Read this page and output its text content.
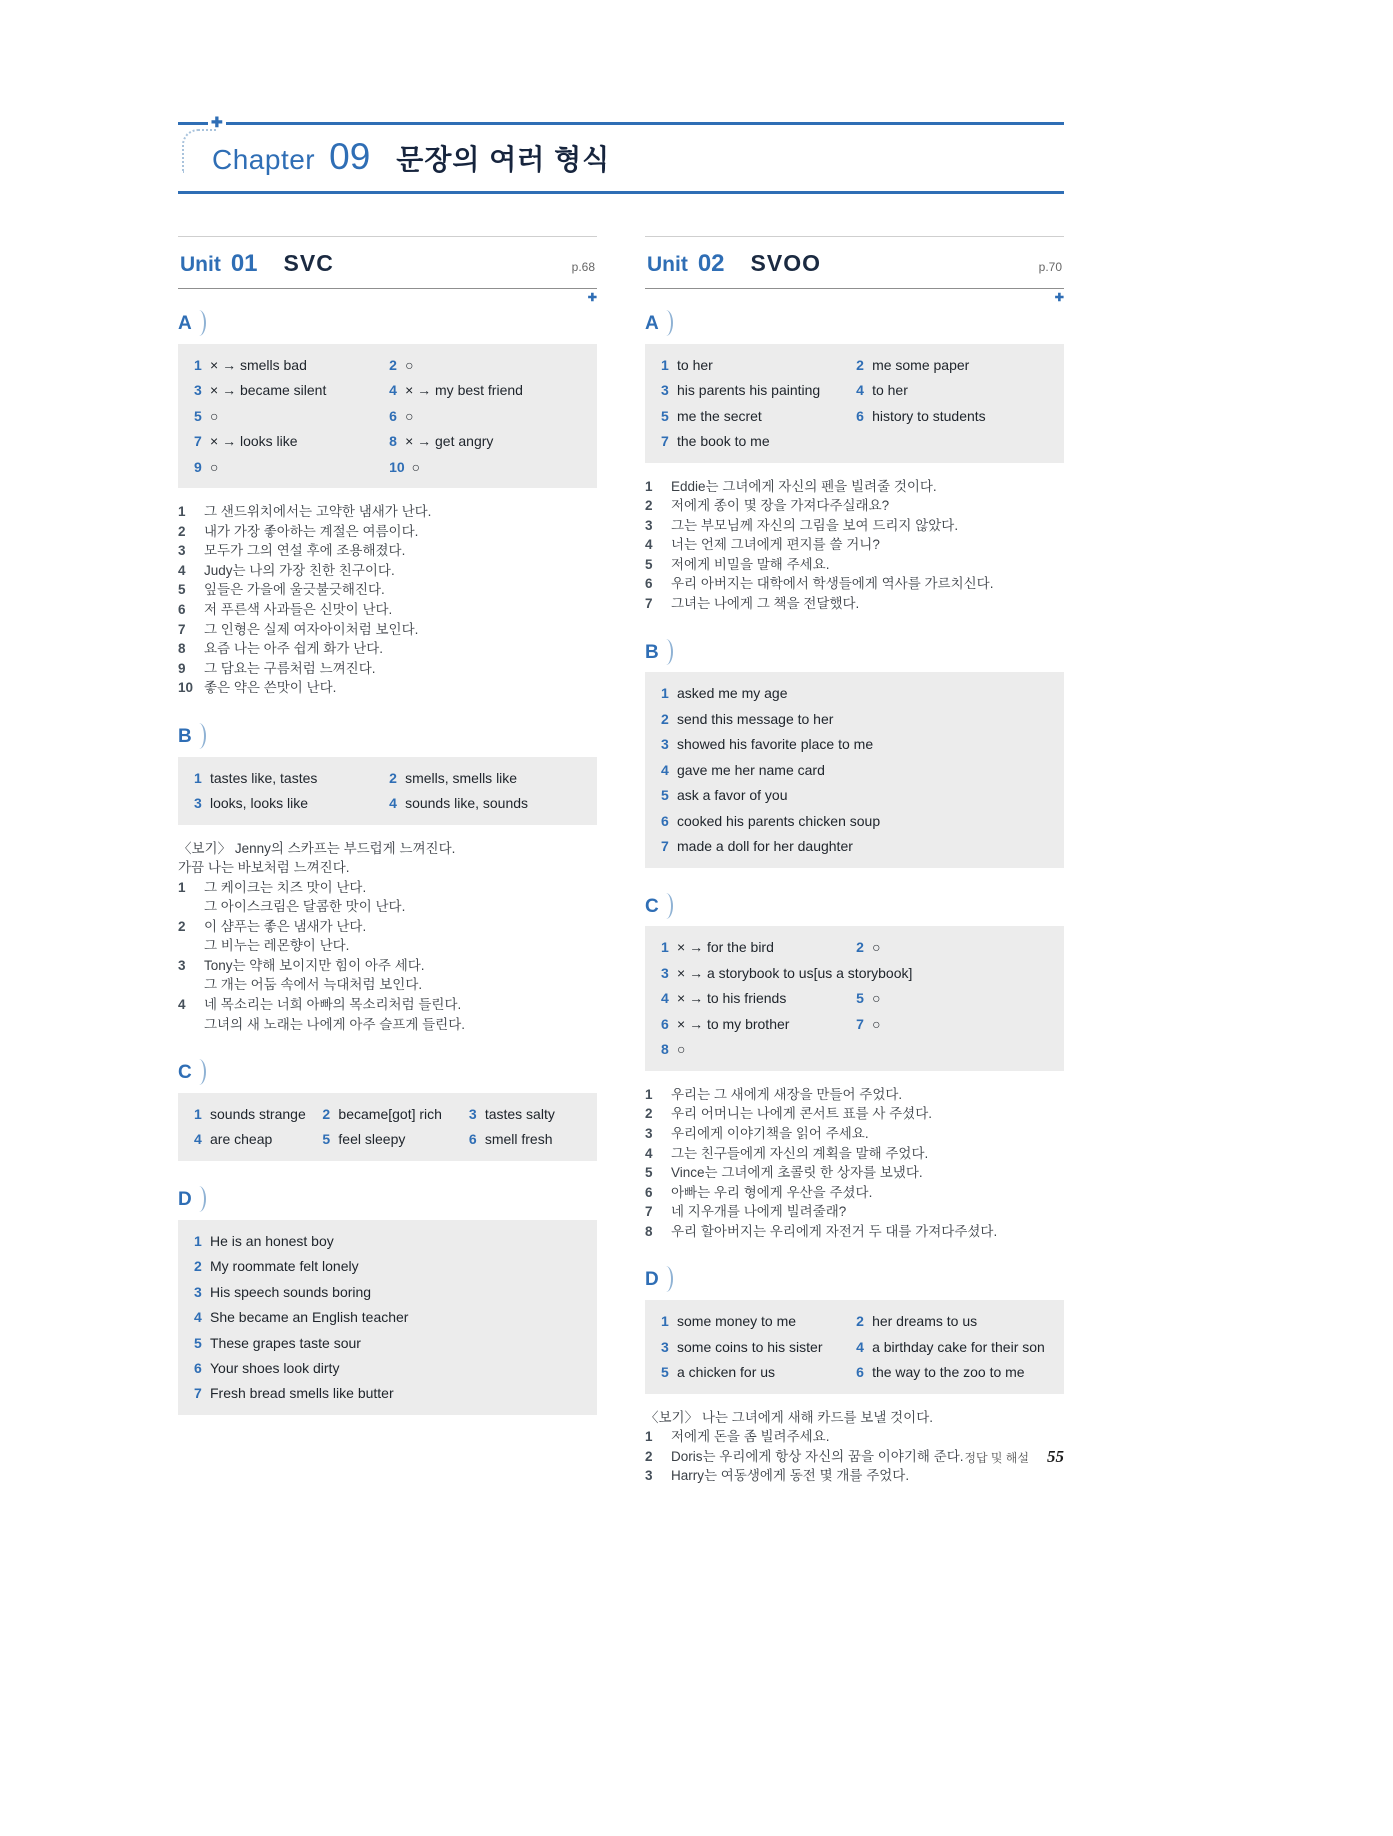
✚
Chapter 09 문장의 여러 형식
Unit 01 SVC	p.68
✚
A
1 × → smells bad	2 ○
3 × → became silent	4 × → my best friend
5 ○	6 ○
7 × → looks like	8 × → get angry
9 ○	10 ○
1	그 샌드위치에서는 고약한 냄새가 난다.
2	내가 가장 좋아하는 계절은 여름이다.
3	모두가 그의 연설 후에 조용해졌다.
4	Judy는 나의 가장 친한 친구이다.
5	잎들은 가을에 울긋불긋해진다.
6	저 푸른색 사과들은 신맛이 난다.
7	그 인형은 실제 여자아이처럼 보인다.
8	요즘 나는 아주 쉽게 화가 난다.
9	그 담요는 구름처럼 느껴진다.
10 좋은 약은 쓴맛이 난다.
B
1 tastes like, tastes	2 smells, smells like
3 looks, looks like	4 sounds like, sounds
〈보기〉 Jenny의 스카프는 부드럽게 느껴진다.
가끔 나는 바보처럼 느껴진다.
1	그 케이크는 치즈 맛이 난다.
그 아이스크림은 달콤한 맛이 난다.
2	이 샴푸는 좋은 냄새가 난다.
그 비누는 레몬향이 난다.
3	Tony는 약해 보이지만 힘이 아주 세다.
그 개는 어둠 속에서 늑대처럼 보인다.
4	네 목소리는 너희 아빠의 목소리처럼 들린다.
그녀의 새 노래는 나에게 아주 슬프게 들린다.
C
1 sounds strange 2 became[got] rich 3 tastes salty
4 are cheap	5 feel sleepy	6 smell fresh
D
1 He is an honest boy
2 My roommate felt lonely
3 His speech sounds boring
4 She became an English teacher
5 These grapes taste sour
6 Your shoes look dirty
7 Fresh bread smells like butter
Unit 02 SVOO	p.70
✚
A
1 to her	2 me some paper
3 his parents his painting	4 to her
5 me the secret	6 history to students
7 the book to me
1	Eddie는 그녀에게 자신의 펜을 빌려줄 것이다.
2	저에게 종이 몇 장을 가져다주실래요?
3	그는 부모님께 자신의 그림을 보여 드리지 않았다.
4	너는 언제 그녀에게 편지를 쓸 거니?
5	저에게 비밀을 말해 주세요.
6	우리 아버지는 대학에서 학생들에게 역사를 가르치신다.
7	그녀는 나에게 그 책을 전달했다.
B
1 asked me my age
2 send this message to her
3 showed his favorite place to me
4 gave me her name card
5 ask a favor of you
6 cooked his parents chicken soup
7 made a doll for her daughter
C
1 × → for the bird	2 ○
3 × → a storybook to us[us a storybook]
4 × → to his friends	5 ○
6 × → to my brother	7 ○
8 ○
1	우리는 그 새에게 새장을 만들어 주었다.
2	우리 어머니는 나에게 콘서트 표를 사 주셨다.
3	우리에게 이야기책을 읽어 주세요.
4	그는 친구들에게 자신의 계획을 말해 주었다.
5	Vince는 그녀에게 초콜릿 한 상자를 보냈다.
6	아빠는 우리 형에게 우산을 주셨다.
7	네 지우개를 나에게 빌려줄래?
8	우리 할아버지는 우리에게 자전거 두 대를 가져다주셨다.
D
1 some money to me	2 her dreams to us
3 some coins to his sister 4 a birthday cake for their son
5 a chicken for us	6 the way to the zoo to me
〈보기〉 나는 그녀에게 새해 카드를 보낼 것이다.
1	저에게 돈을 좀 빌려주세요.
2	Doris는 우리에게 항상 자신의 꿈을 이야기해 준다.
3	Harry는 여동생에게 동전 몇 개를 주었다.
정답 및 해설 55
